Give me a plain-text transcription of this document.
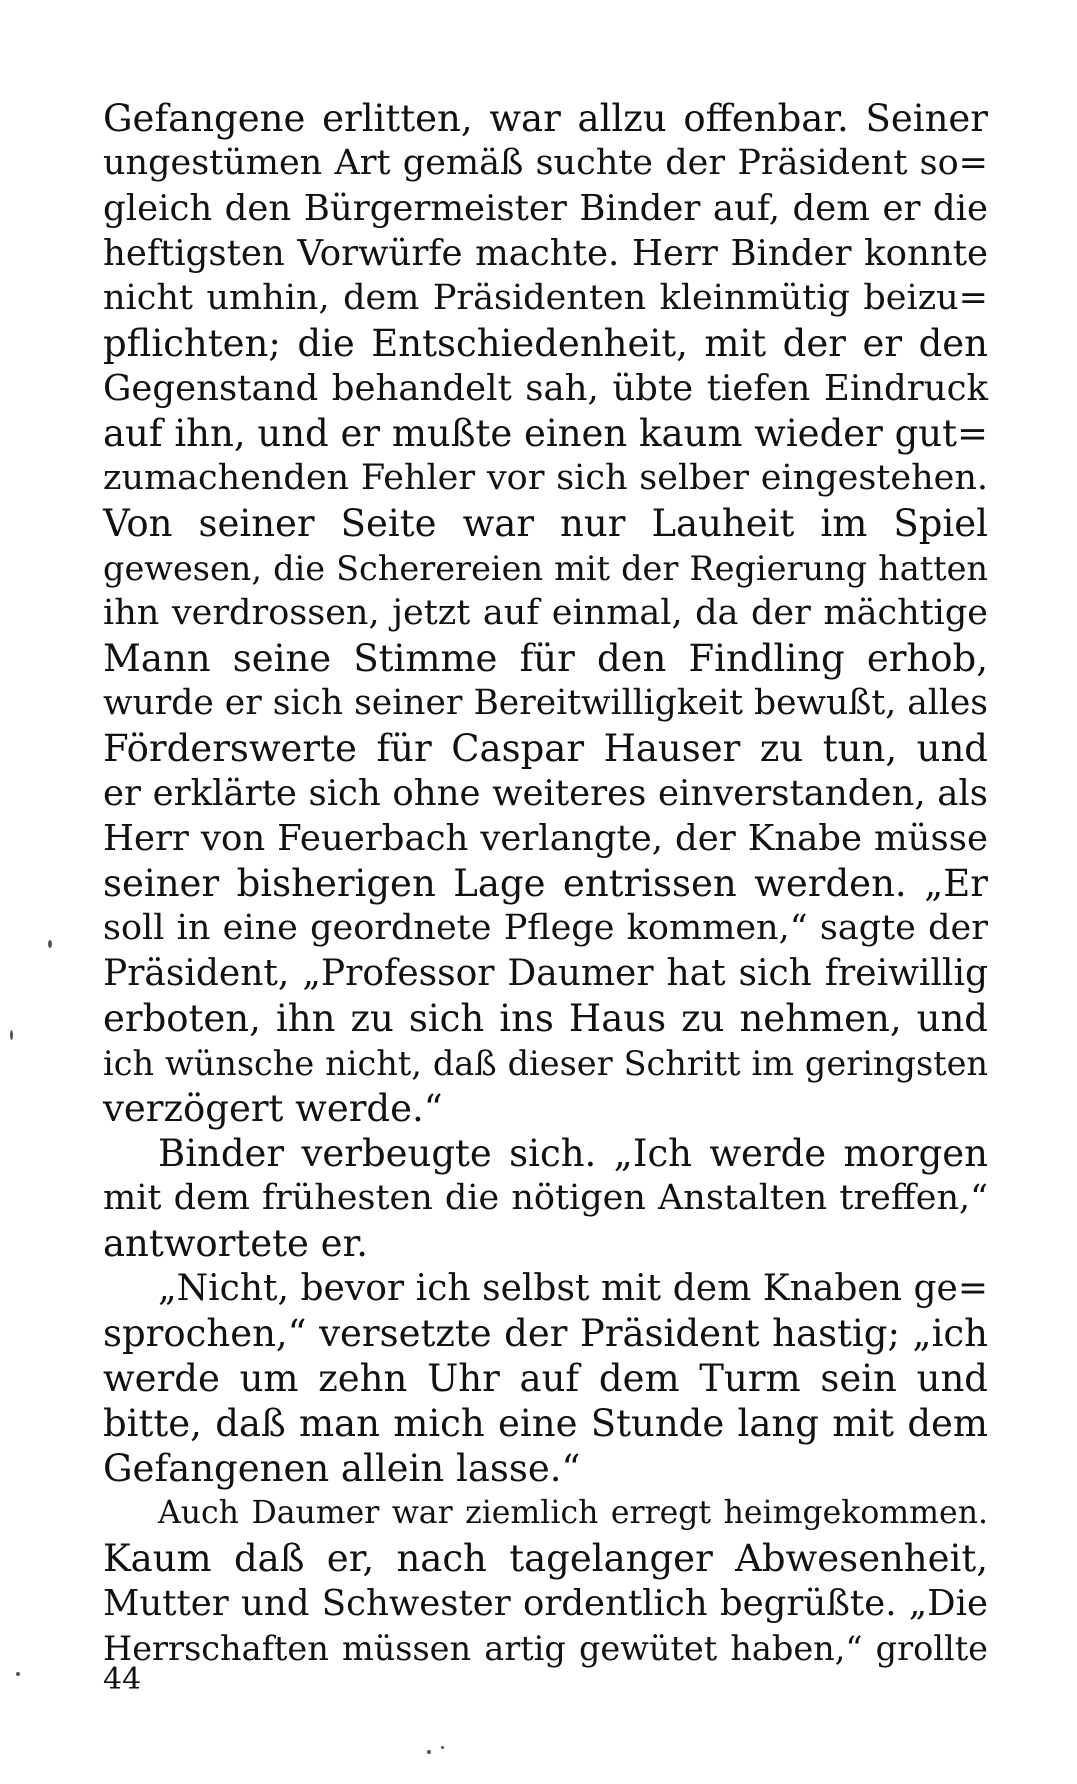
Gefangene erlitten, war allzu offenbar. Seiner
ungestümen Art gemäß suchte der Präsident so=
gleich den Bürgermeister Binder auf, dem er die
heftigsten Vorwürfe machte. Herr Binder konnte
nicht umhin, dem Präsidenten kleinmütig beizu=
pflichten; die Entschiedenheit, mit der er den
Gegenstand behandelt sah, übte tiefen Eindruck
auf ihn, und er mußte einen kaum wieder gut=
zumachenden Fehler vor sich selber eingestehen.
Von seiner Seite war nur Lauheit im Spiel
gewesen, die Scherereien mit der Regierung hatten
ihn verdrossen, jetzt auf einmal, da der mächtige
Mann seine Stimme für den Findling erhob,
wurde er sich seiner Bereitwilligkeit bewußt, alles
Förderswerte für Caspar Hauser zu tun, und
er erklärte sich ohne weiteres einverstanden, als
Herr von Feuerbach verlangte, der Knabe müsse
seiner bisherigen Lage entrissen werden. „Er
soll in eine geordnete Pflege kommen,“ sagte der
Präsident, „Professor Daumer hat sich freiwillig
erboten, ihn zu sich ins Haus zu nehmen, und
ich wünsche nicht, daß dieser Schritt im geringsten
verzögert werde.“
Binder verbeugte sich. „Ich werde morgen
mit dem frühesten die nötigen Anstalten treffen,“
antwortete er.
„Nicht, bevor ich selbst mit dem Knaben ge=
sprochen,“ versetzte der Präsident hastig; „ich
werde um zehn Uhr auf dem Turm sein und
bitte, daß man mich eine Stunde lang mit dem
Gefangenen allein lasse.“
Auch Daumer war ziemlich erregt heimgekommen.
Kaum daß er, nach tagelanger Abwesenheit,
Mutter und Schwester ordentlich begrüßte. „Die
Herrschaften müssen artig gewütet haben,“ grollte
44
